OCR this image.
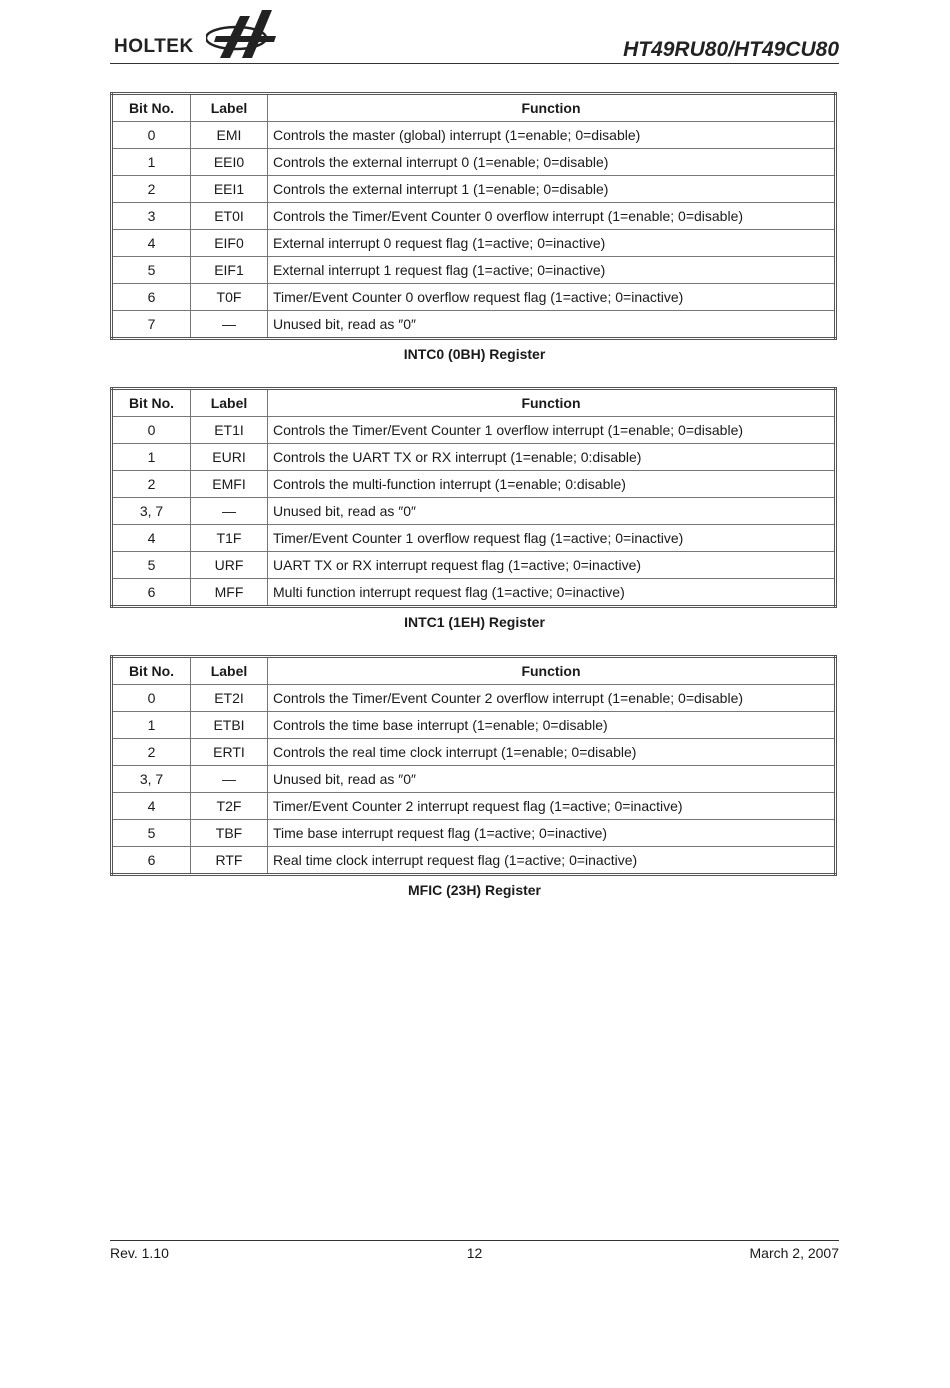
HOLTEK	HT49RU80/HT49CU80
Bit No.	Label	Function
0	EMI	Controls the master (global) interrupt (1=enable; 0=disable)
1	EEI0	Controls the external interrupt 0 (1=enable; 0=disable)
2	EEI1	Controls the external interrupt 1 (1=enable; 0=disable)
3	ET0I	Controls the Timer/Event Counter 0 overflow interrupt (1=enable; 0=disable)
4	EIF0	External interrupt 0 request flag (1=active; 0=inactive)
5	EIF1	External interrupt 1 request flag (1=active; 0=inactive)
6	T0F	Timer/Event Counter 0 overflow request flag (1=active; 0=inactive)
7	—	Unused bit, read as ″0″
INTC0 (0BH) Register
Bit No.	Label	Function
0	ET1I	Controls the Timer/Event Counter 1 overflow interrupt (1=enable; 0=disable)
1	EURI	Controls the UART TX or RX interrupt (1=enable; 0:disable)
2	EMFI	Controls the multi-function interrupt (1=enable; 0:disable)
3, 7	—	Unused bit, read as ″0″
4	T1F	Timer/Event Counter 1 overflow request flag (1=active; 0=inactive)
5	URF	UART TX or RX interrupt request flag (1=active; 0=inactive)
6	MFF	Multi function interrupt request flag (1=active; 0=inactive)
INTC1 (1EH) Register
Bit No.	Label	Function
0	ET2I	Controls the Timer/Event Counter 2 overflow interrupt (1=enable; 0=disable)
1	ETBI	Controls the time base interrupt (1=enable; 0=disable)
2	ERTI	Controls the real time clock interrupt (1=enable; 0=disable)
3, 7	—	Unused bit, read as ″0″
4	T2F	Timer/Event Counter 2 interrupt request flag (1=active; 0=inactive)
5	TBF	Time base interrupt request flag (1=active; 0=inactive)
6	RTF	Real time clock interrupt request flag (1=active; 0=inactive)
MFIC (23H) Register
Rev. 1.10	12	March 2, 2007
